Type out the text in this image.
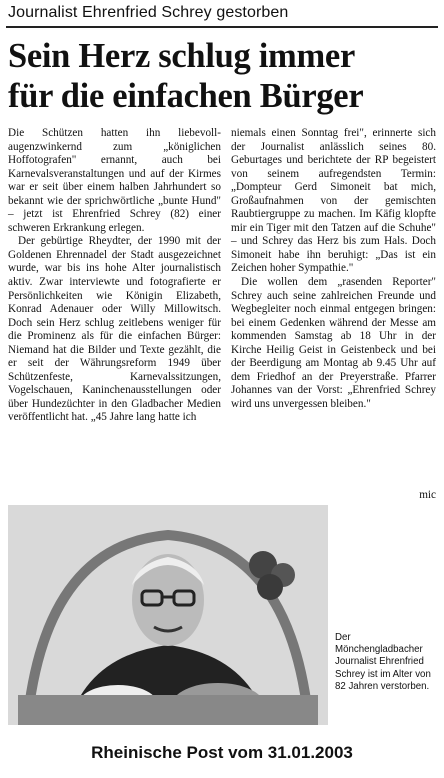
Journalist Ehrenfried Schrey gestorben
Sein Herz schlug immer
für die einfachen Bürger

Die Schützen hatten ihn liebevoll-augenzwinkernd zum „königlichen Hoffotografen" ernannt, auch bei Karnevalsveranstaltungen und auf der Kirmes war er seit über einem halben Jahrhundert so bekannt wie der sprichwörtliche „bunte Hund" – jetzt ist Ehrenfried Schrey (82) einer schweren Erkrankung erlegen.

Der gebürtige Rheydter, der 1990 mit der Goldenen Ehrennadel der Stadt ausgezeichnet wurde, war bis ins hohe Alter journalistisch aktiv. Zwar interviewte und fotografierte er Persönlichkeiten wie Königin Elizabeth, Konrad Adenauer oder Willy Millowitsch. Doch sein Herz schlug zeitlebens weniger für die Prominenz als für die einfachen Bürger: Niemand hat die Bilder und Texte gezählt, die er seit der Währungsreform 1949 über Schützenfeste, Karnevalssitzungen, Vogelschauen, Kaninchenausstellungen oder über Hundezüchter in den Gladbacher Medien veröffentlicht hat. „45 Jahre lang hatte ich

niemals einen Sonntag frei", erinnerte sich der Journalist anlässlich seines 80. Geburtages und berichtete der RP begeistert von seinem aufregendsten Termin: „Dompteur Gerd Simoneit bat mich, Großaufnahmen von der gemischten Raubtiergruppe zu machen. Im Käfig klopfte mir ein Tiger mit den Tatzen auf die Schuhe" – und Schrey das Herz bis zum Hals. Doch Simoneit habe ihn beruhigt: „Das ist ein Zeichen hoher Sympathie."

Die wollen dem „rasenden Reporter" Schrey auch seine zahlreichen Freunde und Wegbegleiter noch einmal entgegen bringen: bei einem Gedenken während der Messe am kommenden Samstag ab 18 Uhr in der Kirche Heilig Geist in Geistenbeck und bei der Beerdigung am Montag ab 9.45 Uhr auf dem Friedhof an der Preyerstraße. Pfarrer Johannes van der Vorst: „Ehrenfried Schrey wird uns unvergessen bleiben."

mic
Der Mönchengladbacher Journalist Ehrenfried Schrey ist im Alter von 82 Jahren verstorben.
Rheinische Post vom 31.01.2003
